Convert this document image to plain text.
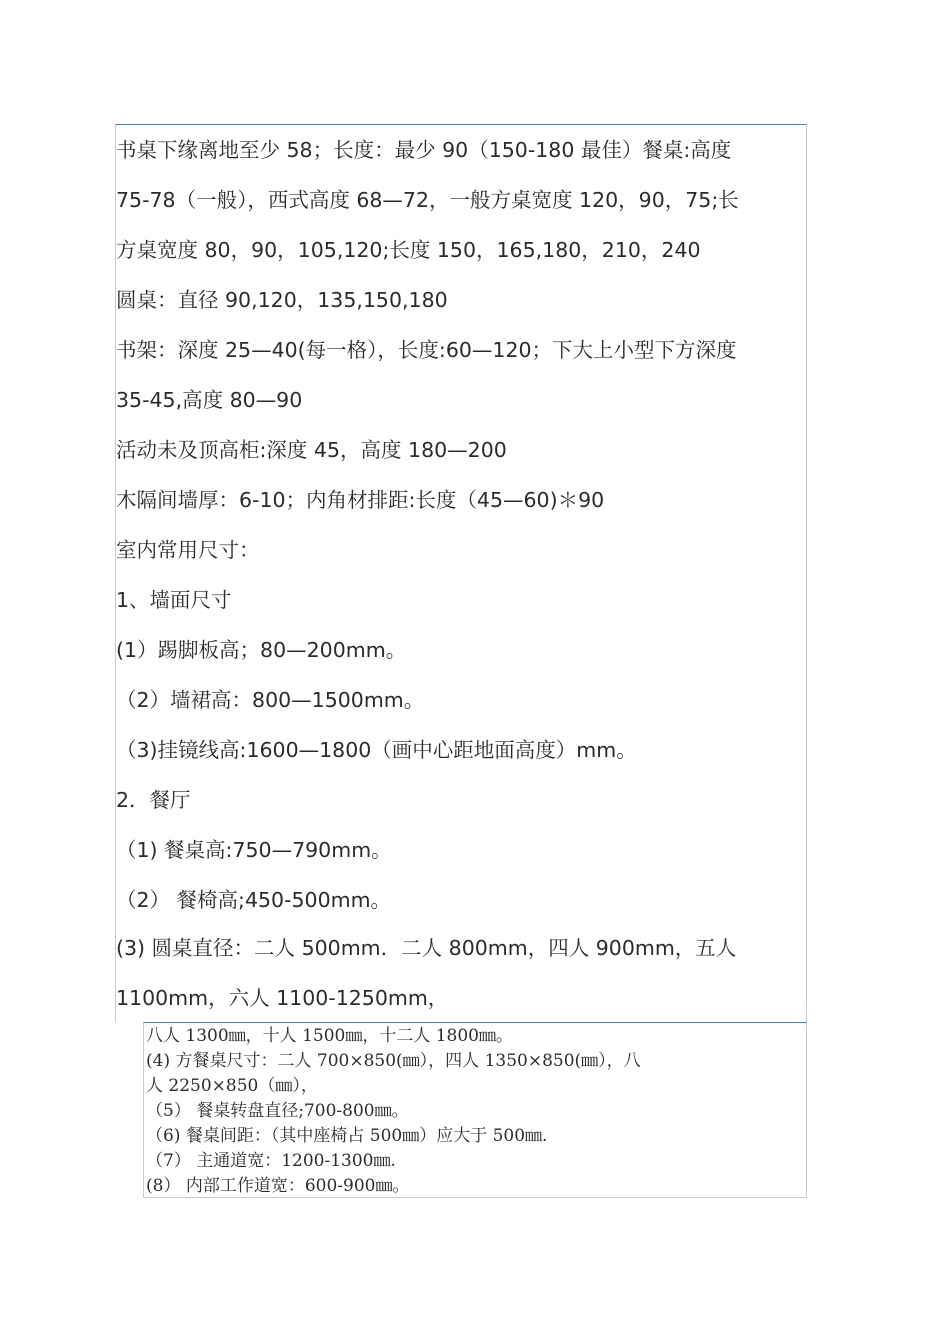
书桌下缘离地至少 58；长度：最少 90（150-180 最佳）餐桌:高度
75-78（一般），西式高度 68—72，一般方桌宽度 120，90，75;长
方桌宽度 80，90，105,120;长度 150，165,180，210，240
圆桌：直径 90,120，135,150,180
书架：深度 25—40(每一格），长度:60—120；下大上小型下方深度
35-45,高度 80—90
活动未及顶高柜:深度 45，高度 180—200
木隔间墙厚：6-10；内角材排距:长度（45—60)＊90
室内常用尺寸：
1、墙面尺寸
(1）踢脚板高；80—200mm。
（2）墙裙高：800—1500mm。
（3)挂镜线高:1600—1800（画中心距地面高度）mm。
2．餐厅
（1) 餐桌高:750—790mm。
（2） 餐椅高;450-500mm。
(3) 圆桌直径：二人 500mm．二人 800mm，四人 900mm，五人
1100mm，六人 1100-1250mm，
八人 1300㎜，十人 1500㎜，十二人 1800㎜。
(4) 方餐桌尺寸：二人 700×850(㎜），四人 1350×850(㎜），八
人 2250×850（㎜），
（5） 餐桌转盘直径;700-800㎜。
（6) 餐桌间距：（其中座椅占 500㎜）应大于 500㎜.
（7） 主通道宽：1200-1300㎜.
(8） 内部工作道宽：600-900㎜。
